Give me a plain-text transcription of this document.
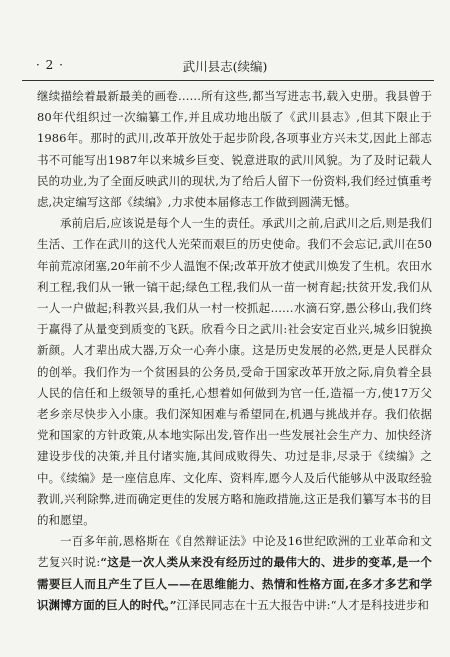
· 2 ·	武川县志(续编)

继续描绘着最新最美的画卷……所有这些,都当写进志书,载入史册。我县曾于80年代组织过一次编纂工作,并且成功地出版了《武川县志》,但其下限止于1986年。那时的武川,改革开放处于起步阶段,各项事业方兴未艾,因此上部志书不可能写出1987年以来城乡巨变、锐意进取的武川风貌。为了及时记载人民的功业,为了全面反映武川的现状,为了给后人留下一份资料,我们经过慎重考虑,决定编写这部《续编》,力求使本届修志工作做到圆满无憾。

承前启后,应该说是每个人一生的责任。承武川之前,启武川之后,则是我们生活、工作在武川的这代人光荣而艰巨的历史使命。我们不会忘记,武川在50年前荒凉闭塞,20年前不少人温饱不保;改革开放才使武川焕发了生机。农田水利工程,我们从一锹一镐干起;绿色工程,我们从一苗一树育起;扶贫开发,我们从一人一户做起;科教兴县,我们从一村一校抓起……水滴石穿,愚公移山,我们终于赢得了从量变到质变的飞跃。欣看今日之武川:社会安定百业兴,城乡旧貌换新颜。人才辈出成大器,万众一心奔小康。这是历史发展的必然,更是人民群众的创举。我们作为一个贫困县的公务员,受命于国家改革开放之际,肩负着全县人民的信任和上级领导的重托,心想着如何做到为官一任,造福一方,使17万父老乡亲尽快步入小康。我们深知困难与希望同在,机遇与挑战并存。我们依据党和国家的方针政策,从本地实际出发,管作出一些发展社会生产力、加快经济建设步伐的决策,并且付诸实施,其间成败得失、功过是非,尽录于《续编》之中。《续编》是一座信息库、文化库、资料库,愿今人及后代能够从中汲取经验教训,兴利除弊,进而确定更佳的发展方略和施政措施,这正是我们纂写本书的目的和愿望。

一百多年前,恩格斯在《自然辩证法》中论及16世纪欧洲的工业革命和文艺复兴时说:“这是一次人类从来没有经历过的最伟大的、进步的变革,是一个需要巨人而且产生了巨人——在思维能力、热情和性格方面,在多才多艺和学识渊博方面的巨人的时代。”江泽民同志在十五大报告中讲:“人才是科技进步和
